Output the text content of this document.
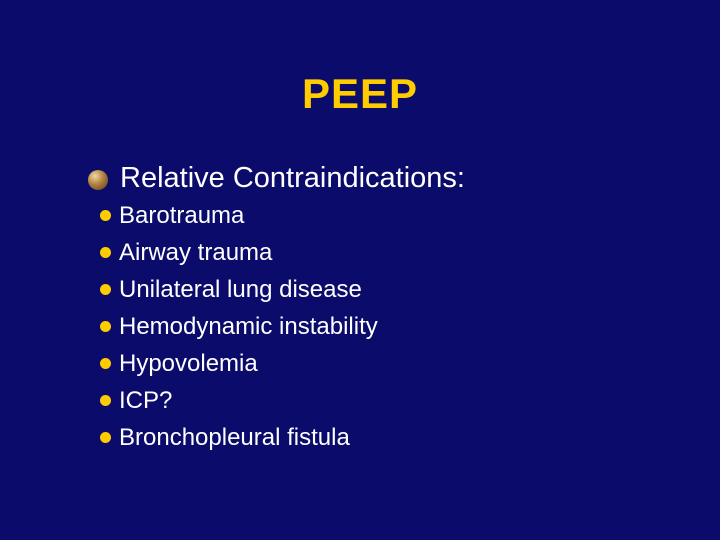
PEEP
Relative Contraindications:
Barotrauma
Airway trauma
Unilateral lung disease
Hemodynamic instability
Hypovolemia
ICP?
Bronchopleural fistula
